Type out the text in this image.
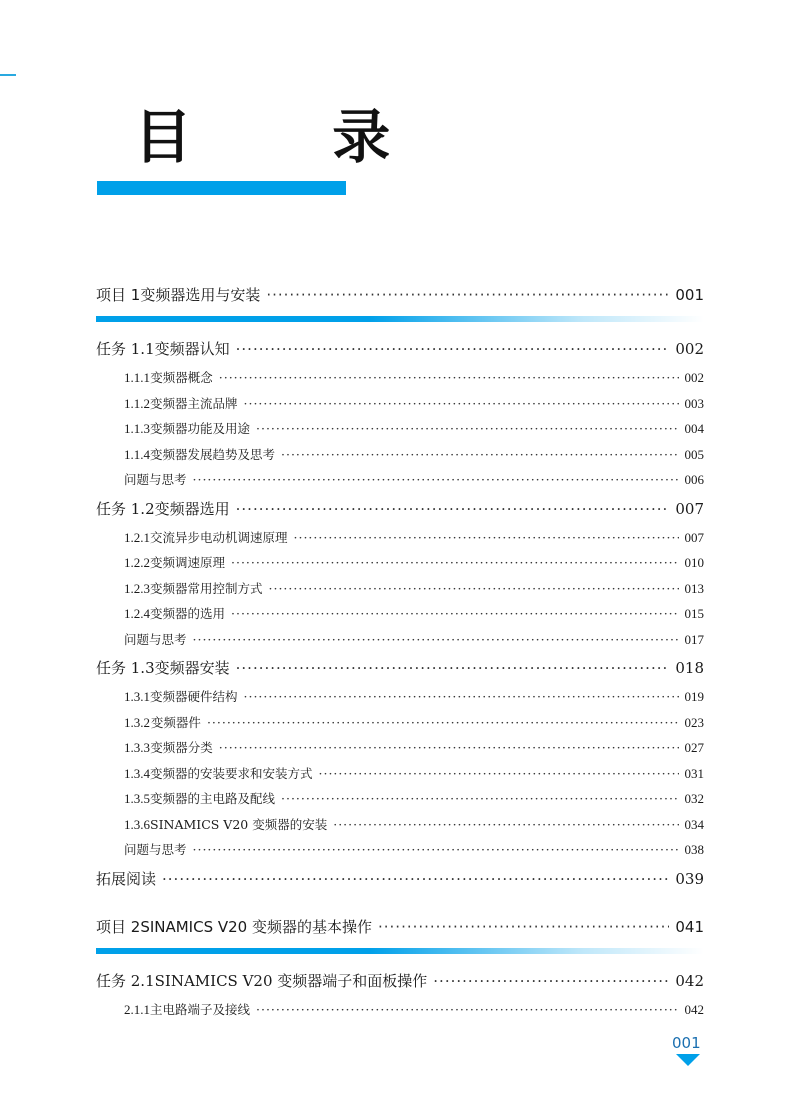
目 录
项目 1 变频器选用与安装 ·····	001
任务 1.1 变频器认知 ·····	002
1.1.1 变频器概念 ·····	002
1.1.2 变频器主流品牌 ·····	003
1.1.3 变频器功能及用途 ·····	004
1.1.4 变频器发展趋势及思考 ·····	005
问题与思考 ·····	006
任务 1.2 变频器选用 ·····	007
1.2.1 交流异步电动机调速原理 ·····	007
1.2.2 变频调速原理 ·····	010
1.2.3 变频器常用控制方式 ·····	013
1.2.4 变频器的选用 ·····	015
问题与思考 ·····	017
任务 1.3 变频器安装 ·····	018
1.3.1 变频器硬件结构 ·····	019
1.3.2 变频器件 ·····	023
1.3.3 变频器分类 ·····	027
1.3.4 变频器的安装要求和安装方式 ·····	031
1.3.5 变频器的主电路及配线 ·····	032
1.3.6 SINAMICS V20 变频器的安装 ·····	034
问题与思考 ·····	038
拓展阅读 ·····	039
项目 2 SINAMICS V20 变频器的基本操作 ·····	041
任务 2.1 SINAMICS V20 变频器端子和面板操作 ·····	042
2.1.1 主电路端子及接线 ·····	042
001
